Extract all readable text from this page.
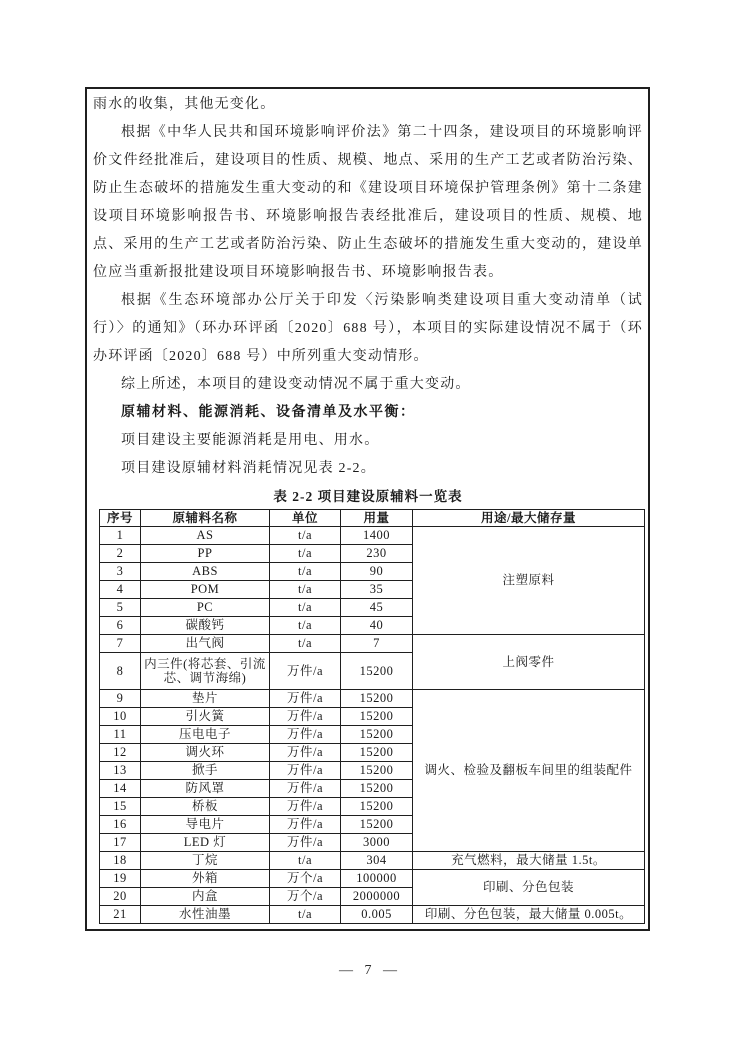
雨水的收集，其他无变化。

根据《中华人民共和国环境影响评价法》第二十四条，建设项目的环境影响评价文件经批准后，建设项目的性质、规模、地点、采用的生产工艺或者防治污染、防止生态破坏的措施发生重大变动的和《建设项目环境保护管理条例》第十二条建设项目环境影响报告书、环境影响报告表经批准后，建设项目的性质、规模、地点、采用的生产工艺或者防治污染、防止生态破坏的措施发生重大变动的，建设单位应当重新报批建设项目环境影响报告书、环境影响报告表。

根据《生态环境部办公厅关于印发〈污染影响类建设项目重大变动清单（试行）〉的通知》（环办环评函〔2020〕688 号），本项目的实际建设情况不属于（环办环评函〔2020〕688 号）中所列重大变动情形。

综上所述，本项目的建设变动情况不属于重大变动。

原辅材料、能源消耗、设备清单及水平衡：

项目建设主要能源消耗是用电、用水。

项目建设原辅材料消耗情况见表 2-2。

表 2-2 项目建设原辅料一览表
序号	原辅料名称	单位	用量	用途/最大储存量
1	AS	t/a	1400	注塑原料
2	PP	t/a	230	
3	ABS	t/a	90	
4	POM	t/a	35	
5	PC	t/a	45	
6	碳酸钙	t/a	40	
7	出气阀	t/a	7	上阀零件
8	内三件(将芯套、引流芯、调节海绵)	万件/a	15200	
9	垫片	万件/a	15200	调火、检验及翻板车间里的组装配件
10	引火簧	万件/a	15200	
11	压电电子	万件/a	15200	
12	调火环	万件/a	15200	
13	掀手	万件/a	15200	
14	防风罩	万件/a	15200	
15	桥板	万件/a	15200	
16	导电片	万件/a	15200	
17	LED 灯	万件/a	3000	
18	丁烷	t/a	304	充气燃料，最大储量 1.5t。
19	外箱	万个/a	100000	印刷、分色包装
20	内盒	万个/a	2000000	
21	水性油墨	t/a	0.005	印刷、分色包装，最大储量 0.005t。
— 7 —
